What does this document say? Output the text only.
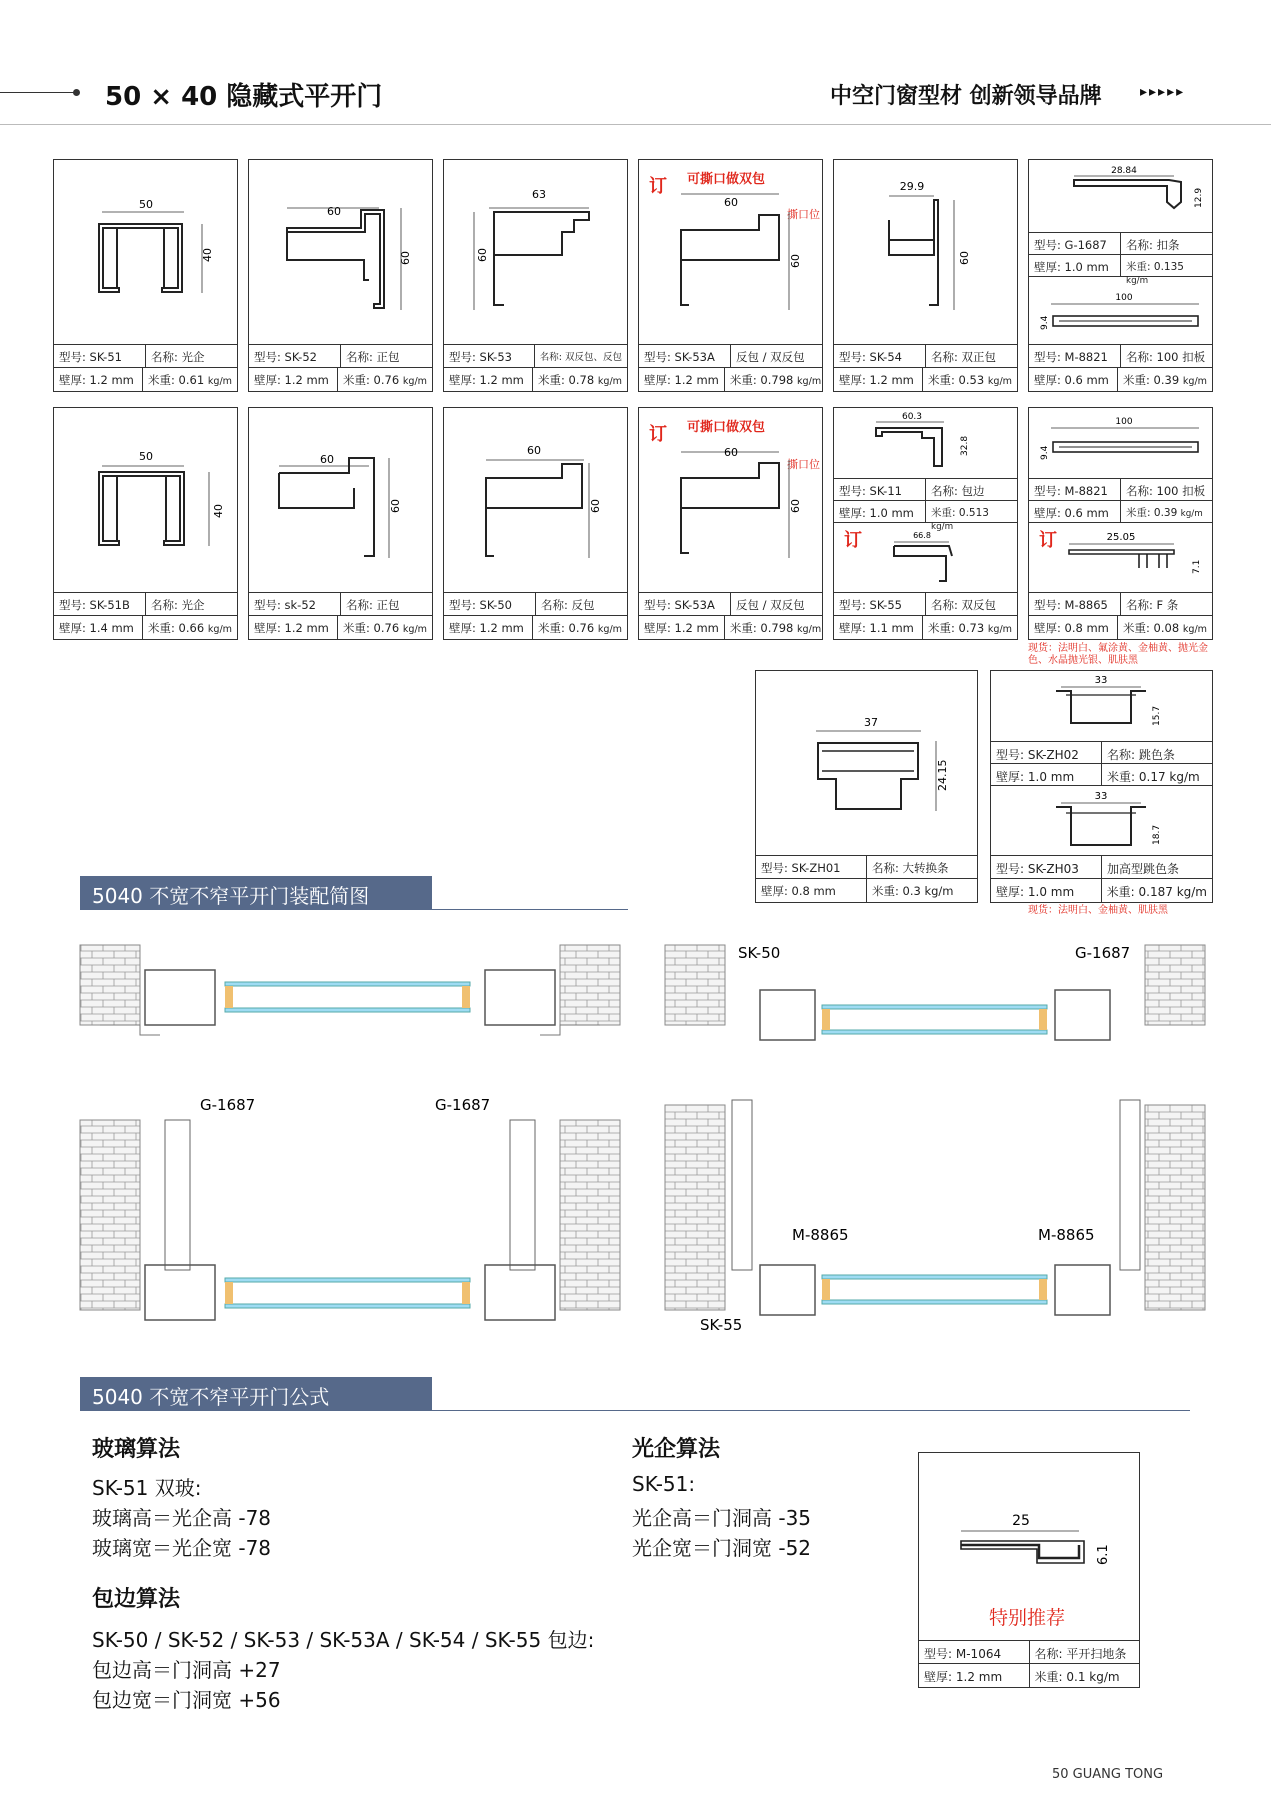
50 × 40 隐藏式平开门	中空门窗型材 创新领导品牌	▸▸▸▸▸
50
40
型号: SK-51	名称: 光企
壁厚: 1.2 mm	米重: 0.61 kg/m
60
60
型号: SK-52	名称: 正包
壁厚: 1.2 mm	米重: 0.76 kg/m
63
60
型号: SK-53	名称: 双反包、反包
壁厚: 1.2 mm	米重: 0.78 kg/m
订 可撕口做双包
撕口位
60
60
型号: SK-53A	反包 / 双反包
壁厚: 1.2 mm 米重: 0.798 kg/m
29.9
60
型号: SK-54	名称: 双正包
壁厚: 1.2 mm	米重: 0.53 kg/m
28.84
12.9
型号: G-1687	名称: 扣条
壁厚: 1.0 mm	米重: 0.135 kg/m
100
9.4
型号: M-8821	名称: 100 扣板
壁厚: 0.6 mm	米重: 0.39 kg/m
50
40
型号: SK-51B	名称: 光企
壁厚: 1.4 mm	米重: 0.66 kg/m
60
60
型号: sk-52	名称: 正包
壁厚: 1.2 mm	米重: 0.76 kg/m
60
60
型号: SK-50	名称: 反包
壁厚: 1.2 mm	米重: 0.76 kg/m
订 可撕口做双包
撕口位
60
60
型号: SK-53A	反包 / 双反包
壁厚: 1.2 mm 米重: 0.798 kg/m
60.3
32.8
型号: SK-11	名称: 包边
壁厚: 1.0 mm	米重: 0.513 kg/m
订	66.8
型号: SK-55	名称: 双反包
壁厚: 1.1 mm	米重: 0.73 kg/m
100
9.4
型号: M-8821	名称: 100 扣板
壁厚: 0.6 mm	米重: 0.39 kg/m
订	25.05
7.1
型号: M-8865	名称: F 条
壁厚: 0.8 mm	米重: 0.08 kg/m
现货：法明白、氟涂黄、金柚黄、抛光金色、水晶抛光银、肌肤黑
37
24.15
型号: SK-ZH01	名称: 大转换条
壁厚: 0.8 mm	米重: 0.3 kg/m
33
15.7
型号: SK-ZH02	名称: 跳色条
壁厚: 1.0 mm	米重: 0.17 kg/m
33
18.7
型号: SK-ZH03	加高型跳色条
壁厚: 1.0 mm	米重: 0.187 kg/m
现货：法明白、金柚黄、肌肤黑
5040 不宽不窄平开门装配简图
SK-50	G-1687
G-1687	G-1687
M-8865	M-8865
SK-55
5040 不宽不窄平开门公式
玻璃算法
SK-51 双玻:
玻璃高＝光企高 -78
玻璃宽＝光企宽 -78
光企算法
SK-51:
光企高＝门洞高 -35
光企宽＝门洞宽 -52
包边算法
SK-50 / SK-52 / SK-53 / SK-53A / SK-54 / SK-55 包边:
包边高＝门洞高 +27
包边宽＝门洞宽 +56
25
6.1
特别推荐
型号: M-1064	名称: 平开扫地条
壁厚: 1.2 mm	米重: 0.1 kg/m
50 GUANG TONG
